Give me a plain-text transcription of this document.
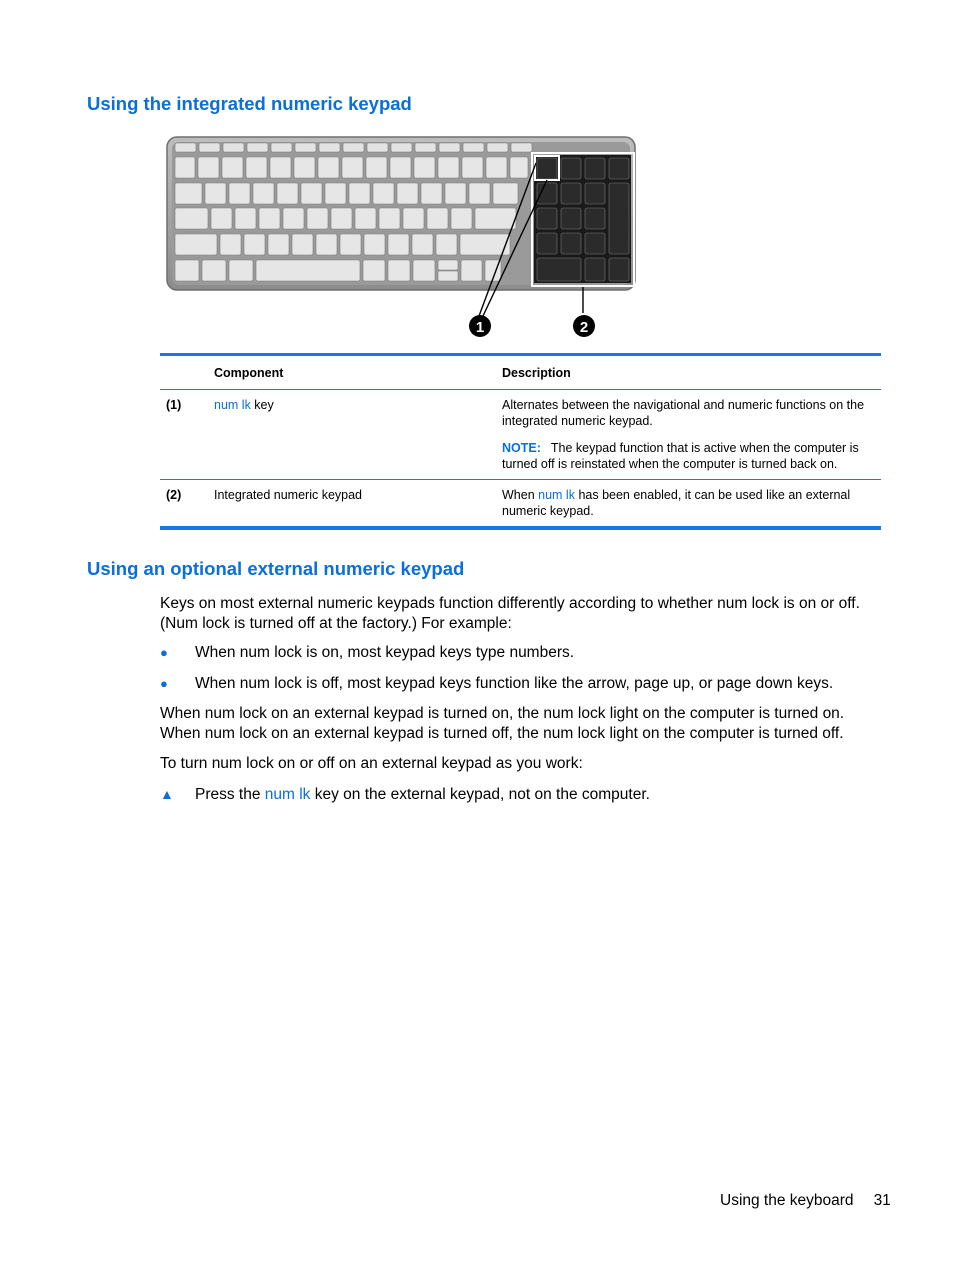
Using the integrated numeric keypad
1	2
	Component	Description
(1)	num lk key	Alternates between the navigational and numeric functions on the integrated numeric keypad.

NOTE: The keypad function that is active when the computer is turned off is reinstated when the computer is turned back on.

(2)	Integrated numeric keypad	When num lk has been enabled, it can be used like an external numeric keypad.
Using an optional external numeric keypad

Keys on most external numeric keypads function differently according to whether num lock is on or off. (Num lock is turned off at the factory.) For example:

● When num lock is on, most keypad keys type numbers.
● When num lock is off, most keypad keys function like the arrow, page up, or page down keys.

When num lock on an external keypad is turned on, the num lock light on the computer is turned on. When num lock on an external keypad is turned off, the num lock light on the computer is turned off.

To turn num lock on or off on an external keypad as you work:

▲ Press the num lk key on the external keypad, not on the computer.
Using the keyboard 31
